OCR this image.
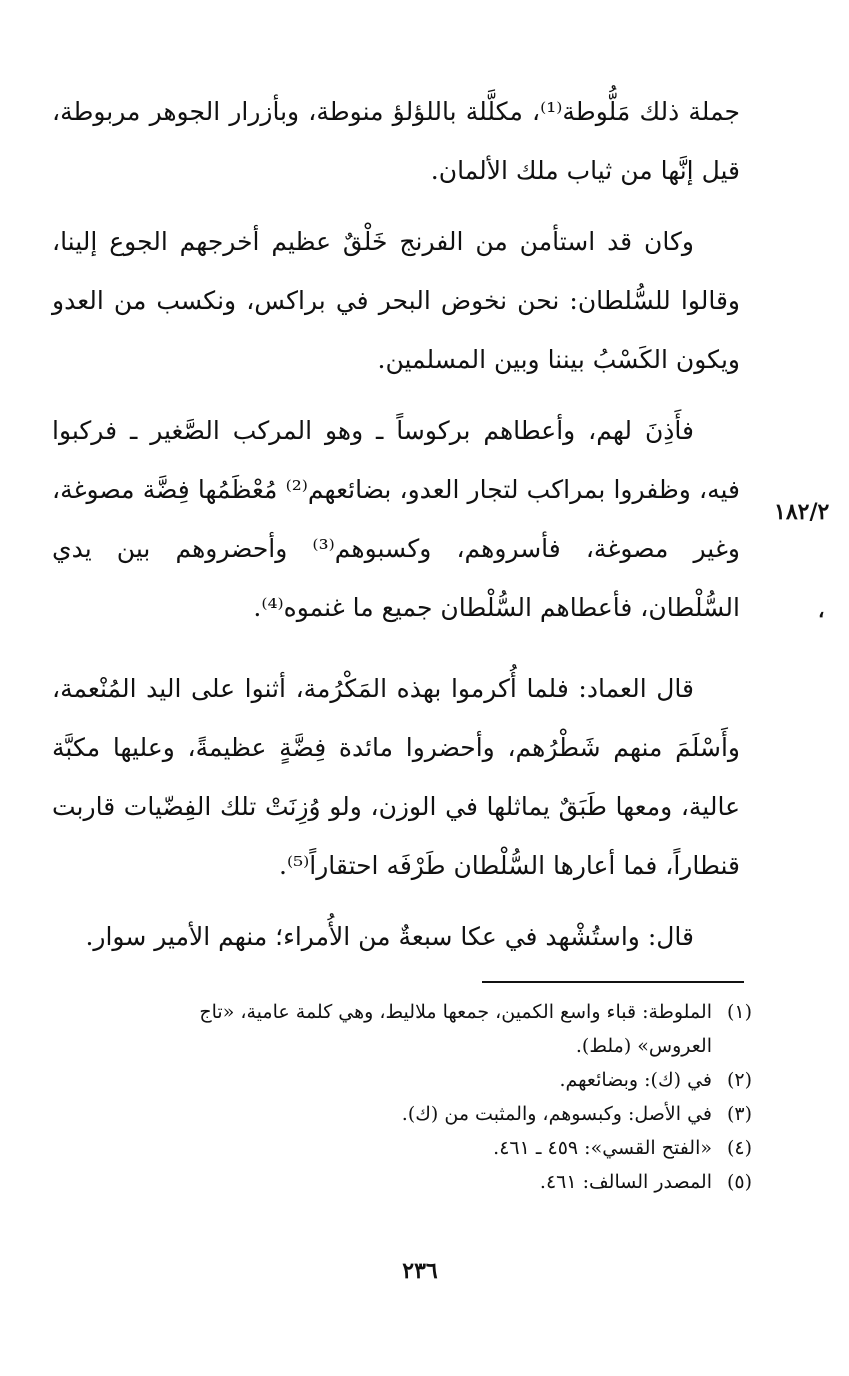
جملة ذلك مَلُّوطة⁽¹⁾، مكلَّلة باللؤلؤ منوطة، وبأزرار الجوهر مربوطة، قيل إنَّها من ثياب ملك الألمان.

وكان قد استأمن من الفرنج خَلْقٌ عظيم أخرجهم الجوع إلينا، وقالوا للسُّلطان: نحن نخوض البحر في براكس، ونكسب من العدو ويكون الكَسْبُ بيننا وبين المسلمين.

فأَذِنَ لهم، وأعطاهم بركوساً ـ وهو المركب الصَّغير ـ فركبوا فيه، وظفروا بمراكب لتجار العدو، بضائعهم⁽²⁾ مُعْظَمُها فِضَّة مصوغة، وغير مصوغة، فأسروهم، وكسبوهم⁽³⁾ وأحضروهم بين يدي السُّلْطان، فأعطاهم السُّلْطان جميع ما غنموه⁽⁴⁾.

قال العماد: فلما أُكرموا بهذه المَكْرُمة، أثنوا على اليد المُنْعمة، وأَسْلَمَ منهم شَطْرُهم، وأحضروا مائدة فِضَّةٍ عظيمةً، وعليها مكبَّة عالية، ومعها طَبَقٌ يماثلها في الوزن، ولو وُزِنَتْ تلك الفِضّيات قاربت قنطاراً، فما أعارها السُّلْطان طَرْفَه احتقاراً⁽⁵⁾.

قال: واستُشْهد في عكا سبعةٌ من الأُمراء؛ منهم الأمير سوار.

١٨٢/٢
،

(١)الملوطة: قباء واسع الكمين، جمعها ملاليط، وهي كلمة عامية، «تاج

العروس» (ملط).

(٢)في (ك): وبضائعهم.

(٣)في الأصل: وكبسوهم، والمثبت من (ك).

(٤)«الفتح القسي»: ٤٥٩ ـ ٤٦١.

(٥)المصدر السالف: ٤٦١.

٢٣٦
